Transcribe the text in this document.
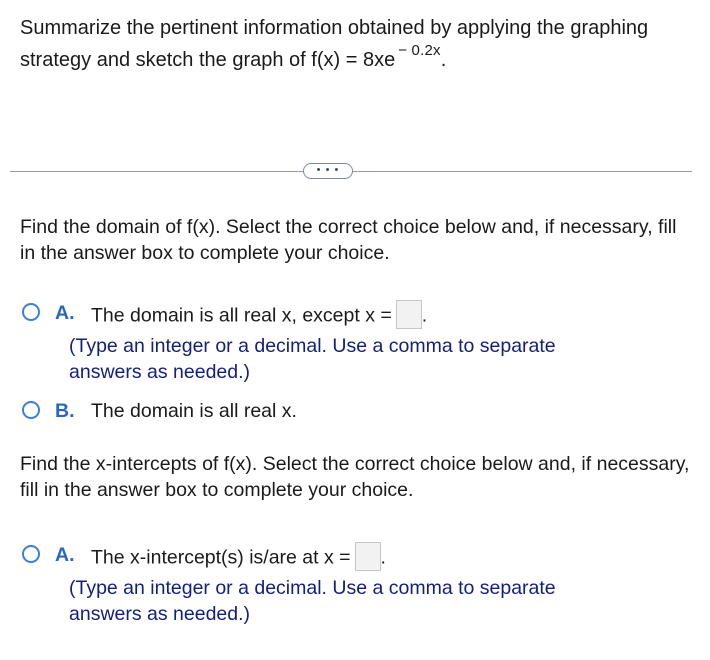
Summarize the pertinent information obtained by applying the graphing
strategy and sketch the graph of f(x) = 8xe $^{- 0.2x}$.
• • •
Find the domain of f(x). Select the correct choice below and, if necessary, fill in the answer box to complete your choice.
A. The domain is all real x, except x = .
(Type an integer or a decimal. Use a comma to separate answers as needed.)
B. The domain is all real x.
Find the x-intercepts of f(x). Select the correct choice below and, if necessary, fill in the answer box to complete your choice.
A. The x-intercept(s) is/are at x = .
(Type an integer or a decimal. Use a comma to separate answers as needed.)
